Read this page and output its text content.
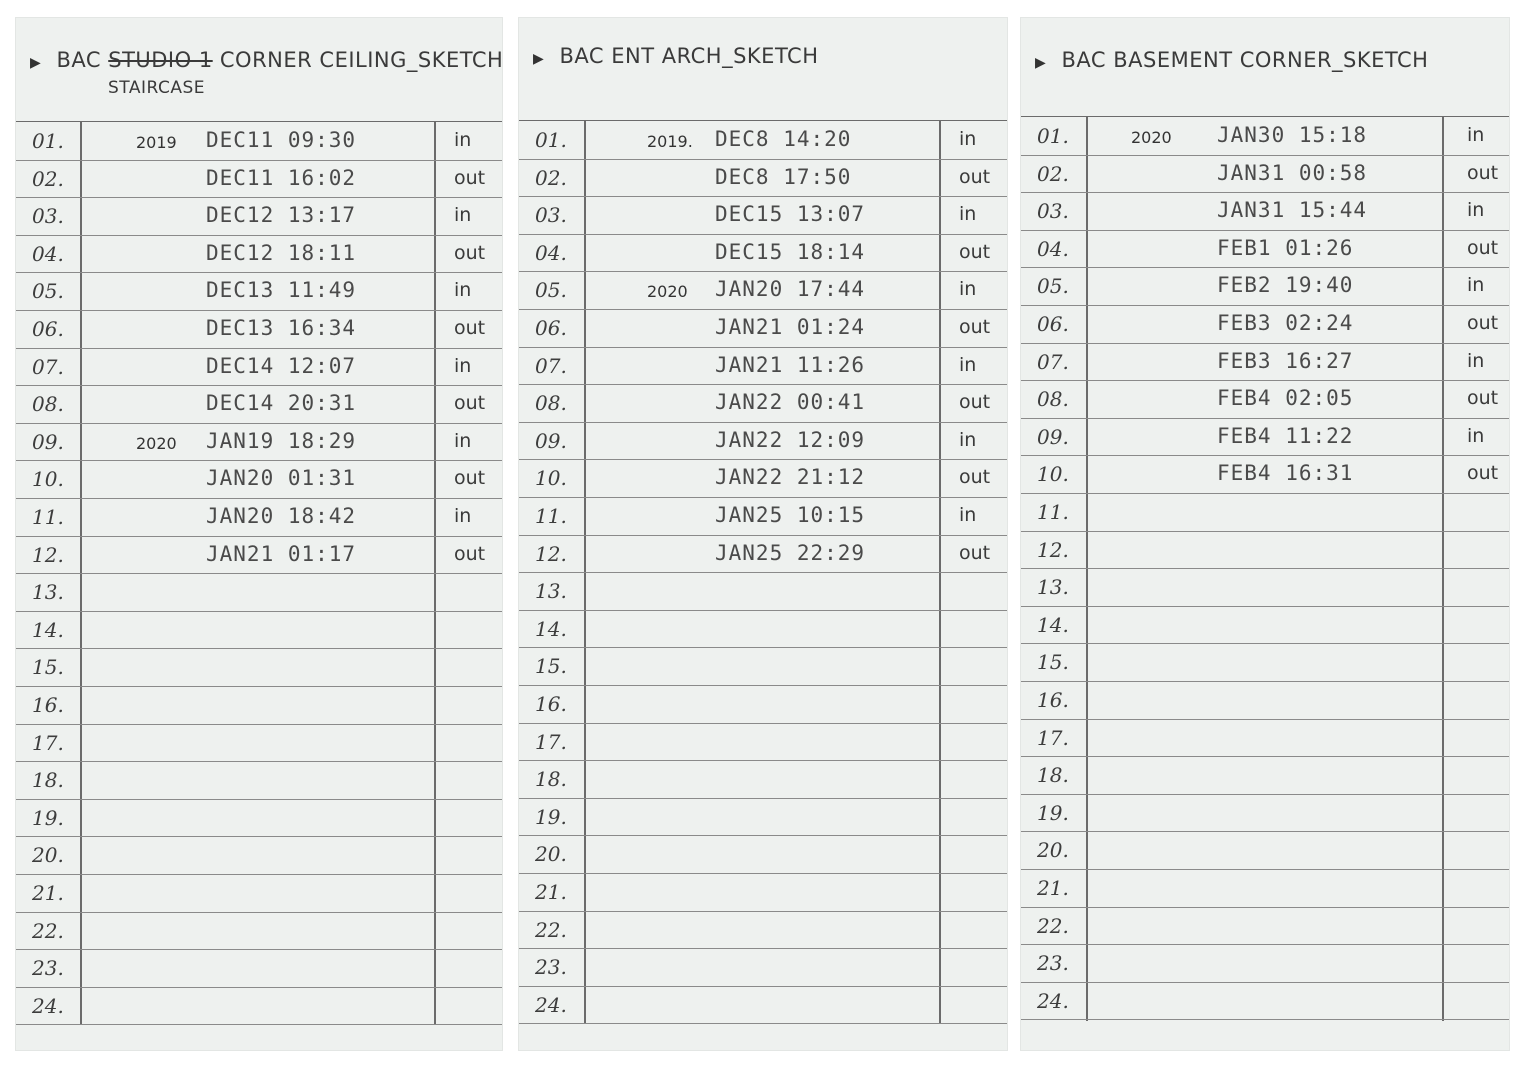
▶ BAC STUDIO 1 CORNER CEILING_SKETCH
STAIRCASE
01.	2019 DEC11 09:30	in
02.	DEC11 16:02	out
03.	DEC12 13:17	in
04.	DEC12 18:11	out
05.	DEC13 11:49	in
06.	DEC13 16:34	out
07.	DEC14 12:07	in
08.	DEC14 20:31	out
09.	2020 JAN19 18:29	in
10.	JAN20 01:31	out
11.	JAN20 18:42	in
12.	JAN21 01:17	out
13.
14.
15.
16.
17.
18.
19.
20.
21.
22.
23.
24.
▶ BAC ENT ARCH_SKETCH
01.	2019. DEC8 14:20	in
02.	DEC8 17:50	out
03.	DEC15 13:07	in
04.	DEC15 18:14	out
05.	2020 JAN20 17:44	in
06.	JAN21 01:24	out
07.	JAN21 11:26	in
08.	JAN22 00:41	out
09.	JAN22 12:09	in
10.	JAN22 21:12	out
11.	JAN25 10:15	in
12.	JAN25 22:29	out
13.
14.
15.
16.
17.
18.
19.
20.
21.
22.
23.
24.
▶ BAC BASEMENT CORNER_SKETCH
01.	2020 JAN30 15:18	in
02.	JAN31 00:58	out
03.	JAN31 15:44	in
04.	FEB1 01:26	out
05.	FEB2 19:40	in
06.	FEB3 02:24	out
07.	FEB3 16:27	in
08.	FEB4 02:05	out
09.	FEB4 11:22	in
10.	FEB4 16:31	out
11.
12.
13.
14.
15.
16.
17.
18.
19.
20.
21.
22.
23.
24.
